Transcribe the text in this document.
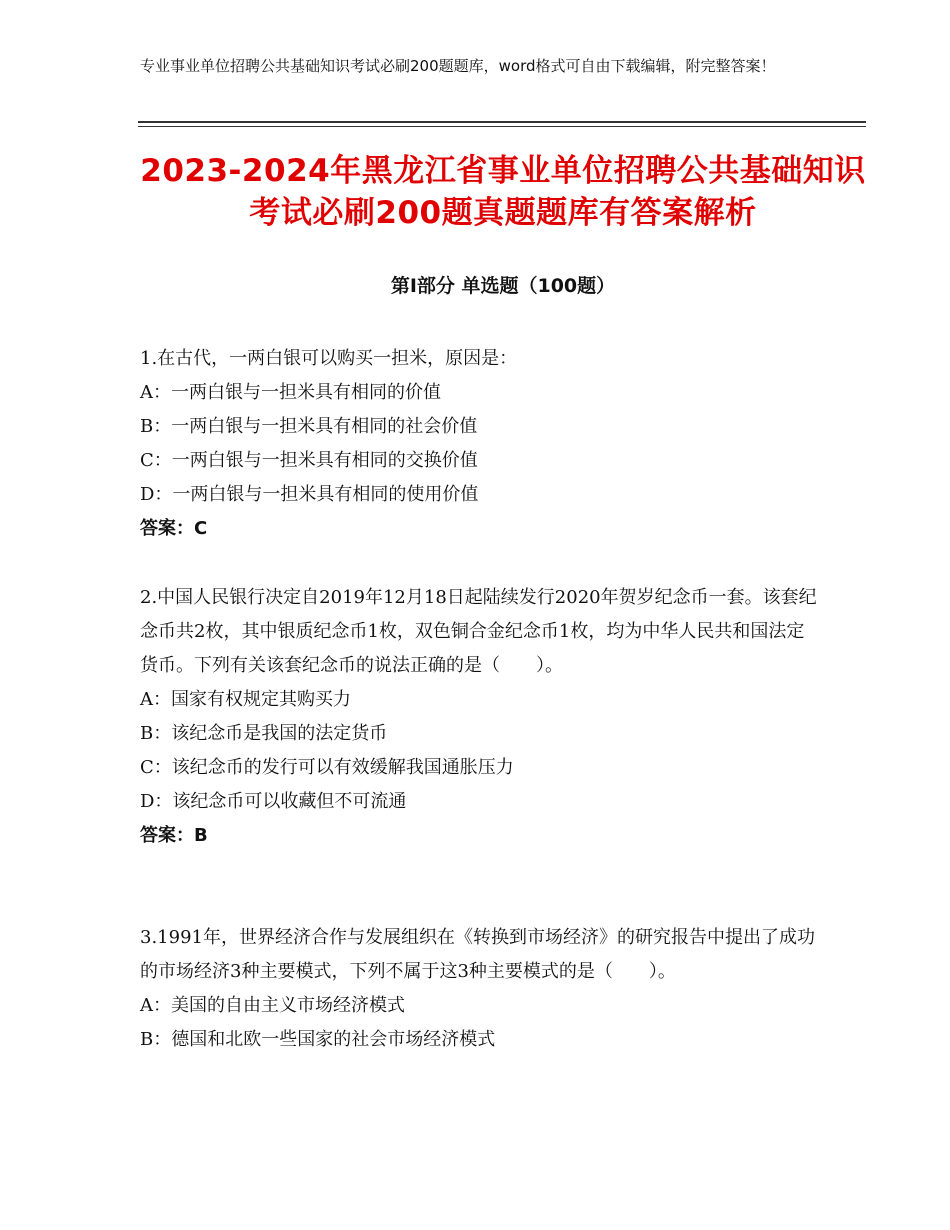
专业事业单位招聘公共基础知识考试必刷200题题库，word格式可自由下载编辑，附完整答案！
2023-2024年黑龙江省事业单位招聘公共基础知识考试必刷200题真题题库有答案解析
第Ⅰ部分 单选题（100题）
1.在古代，一两白银可以购买一担米，原因是：
A：一两白银与一担米具有相同的价值
B：一两白银与一担米具有相同的社会价值
C：一两白银与一担米具有相同的交换价值
D：一两白银与一担米具有相同的使用价值
答案：C
2.中国人民银行决定自2019年12月18日起陆续发行2020年贺岁纪念币一套。该套纪念币共2枚，其中银质纪念币1枚，双色铜合金纪念币1枚，均为中华人民共和国法定货币。下列有关该套纪念币的说法正确的是（　　）。
A：国家有权规定其购买力
B：该纪念币是我国的法定货币
C：该纪念币的发行可以有效缓解我国通胀压力
D：该纪念币可以收藏但不可流通
答案：B
3.1991年，世界经济合作与发展组织在《转换到市场经济》的研究报告中提出了成功的市场经济3种主要模式，下列不属于这3种主要模式的是（　　）。
A：美国的自由主义市场经济模式
B：德国和北欧一些国家的社会市场经济模式
